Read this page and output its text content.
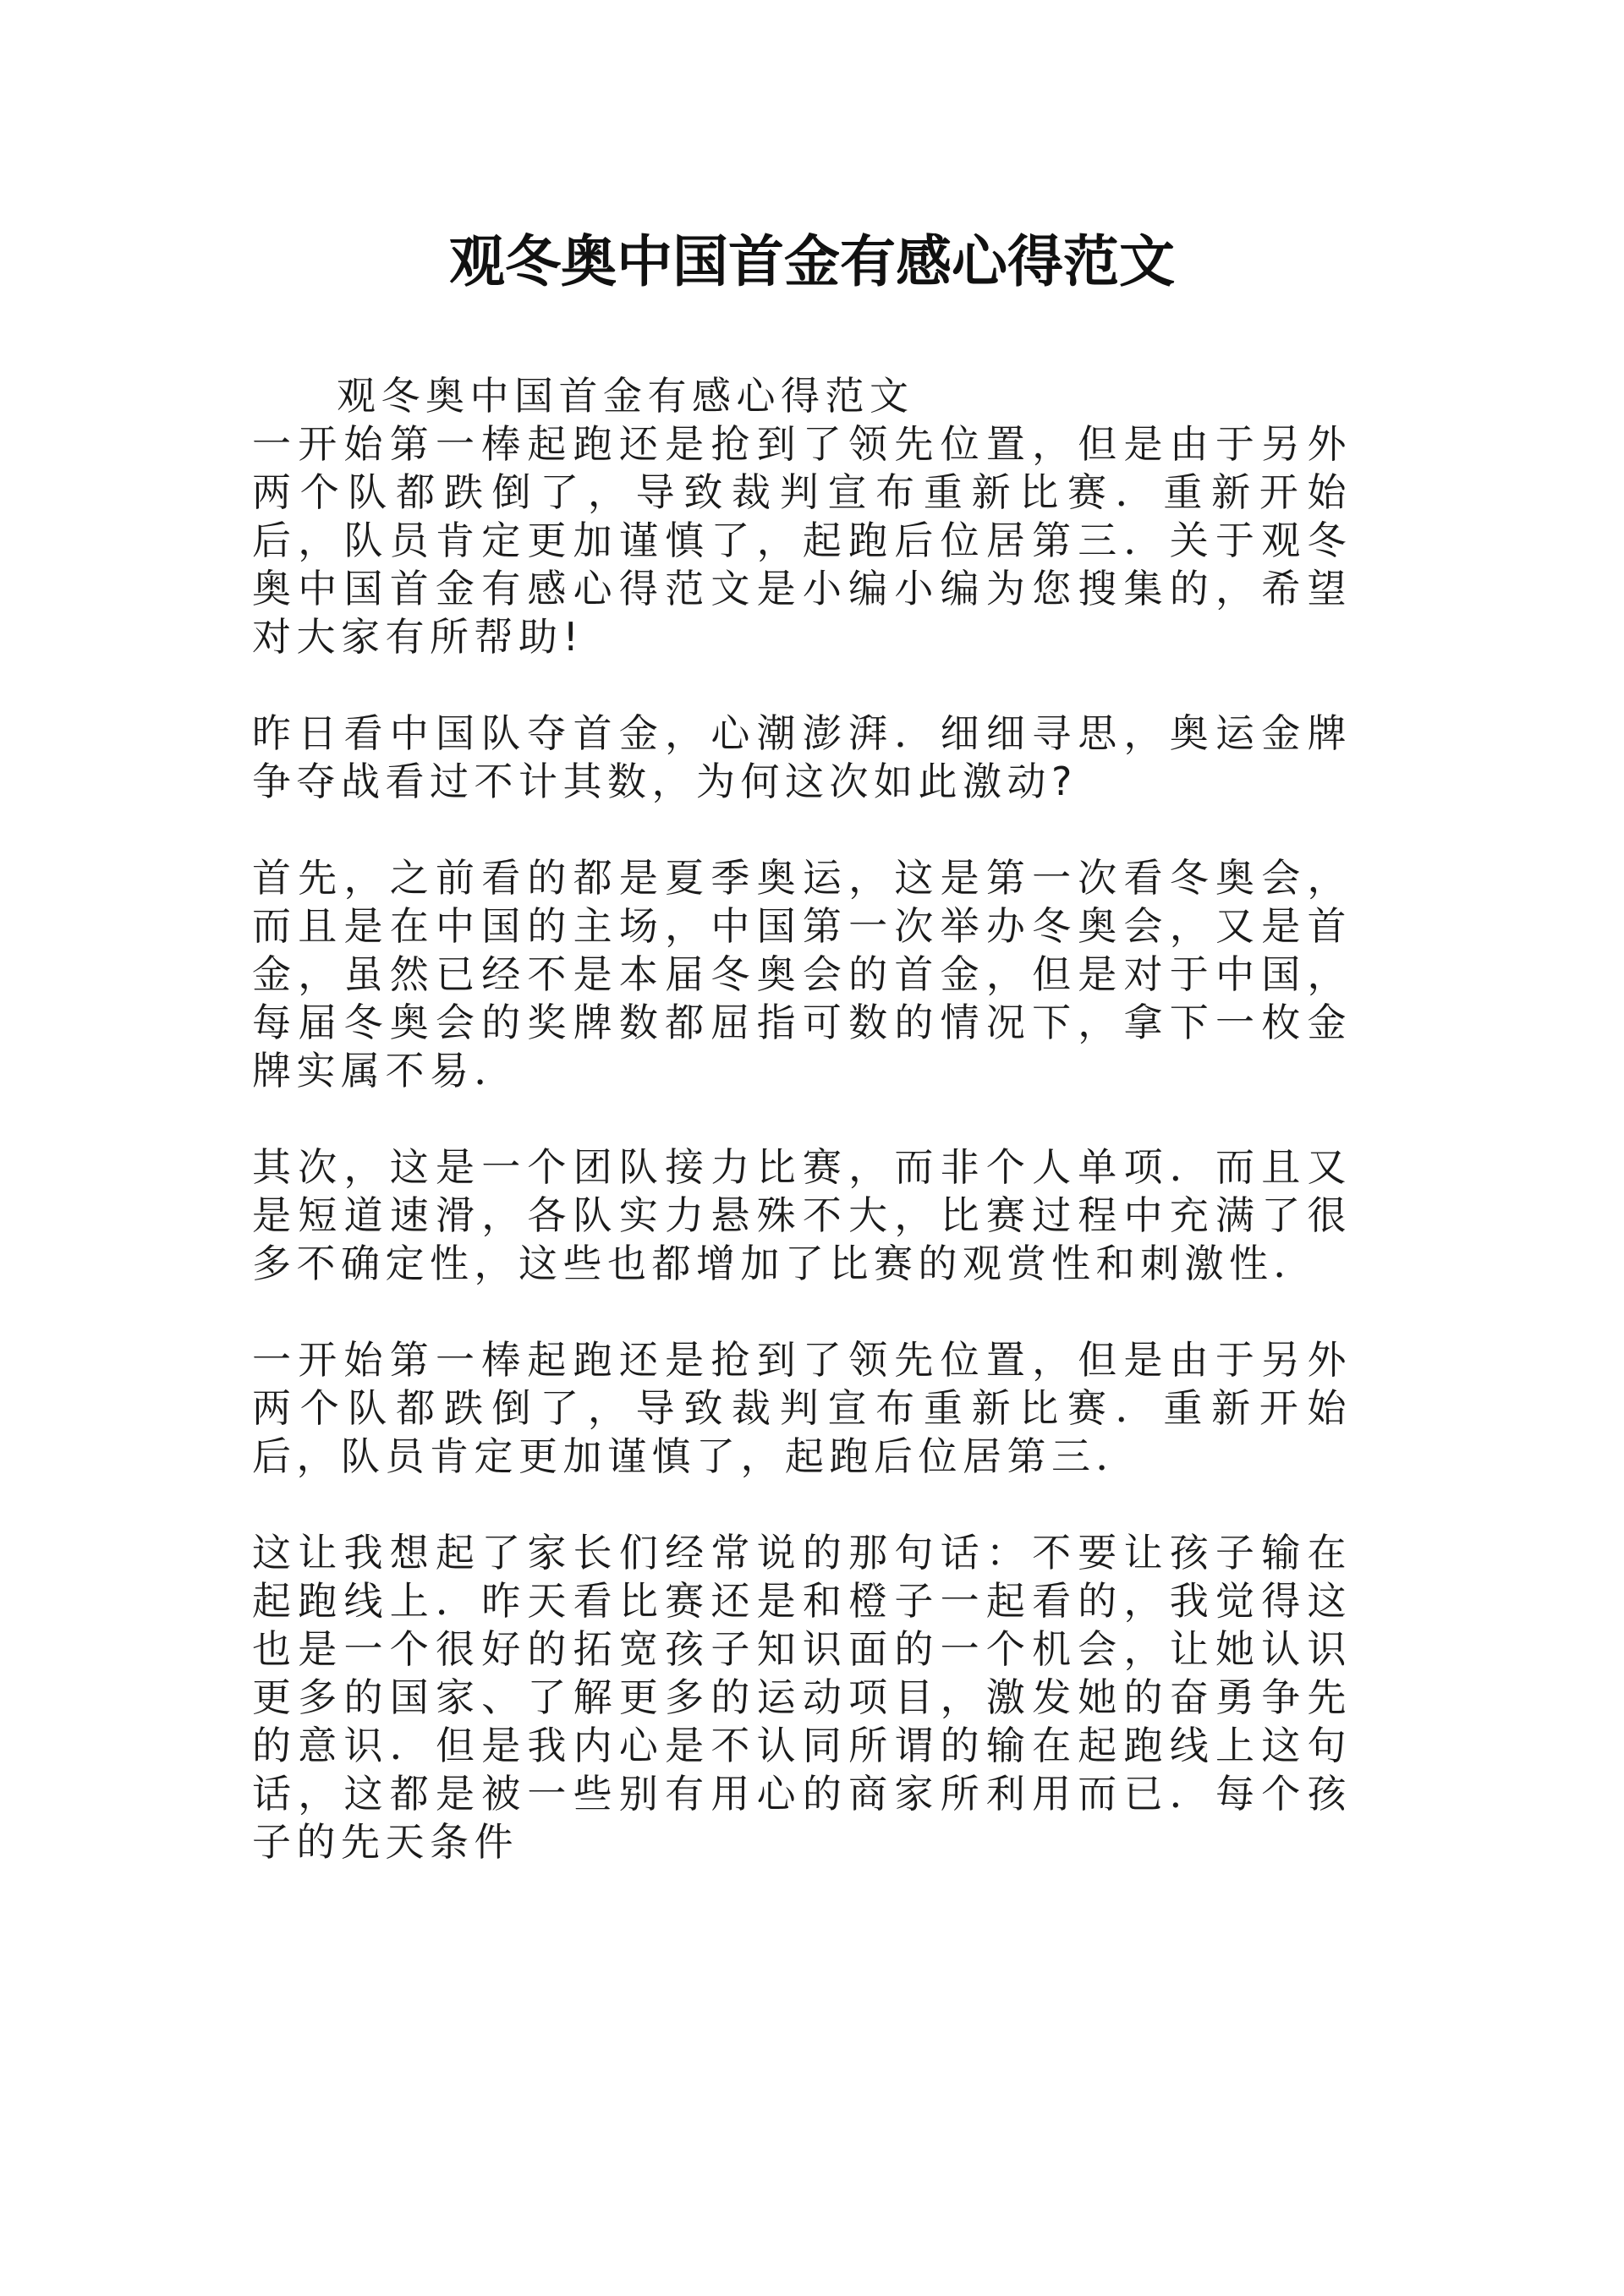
观冬奥中国首金有感心得范文
观冬奥中国首金有感心得范文

一开始第一棒起跑还是抢到了领先位置，但是由于另外两个队都跌倒了，导致裁判宣布重新比赛．重新开始后，队员肯定更加谨慎了，起跑后位居第三．关于观冬奥中国首金有感心得范文是小编小编为您搜集的，希望对大家有所帮助!

昨日看中国队夺首金，心潮澎湃．细细寻思，奥运金牌争夺战看过不计其数，为何这次如此激动?

首先，之前看的都是夏季奥运，这是第一次看冬奥会，而且是在中国的主场，中国第一次举办冬奥会，又是首金，虽然已经不是本届冬奥会的首金，但是对于中国，每届冬奥会的奖牌数都屈指可数的情况下，拿下一枚金牌实属不易．

其次，这是一个团队接力比赛，而非个人单项．而且又是短道速滑，各队实力悬殊不大，比赛过程中充满了很多不确定性，这些也都增加了比赛的观赏性和刺激性．

一开始第一棒起跑还是抢到了领先位置，但是由于另外两个队都跌倒了，导致裁判宣布重新比赛．重新开始后，队员肯定更加谨慎了，起跑后位居第三．

这让我想起了家长们经常说的那句话：不要让孩子输在起跑线上．昨天看比赛还是和橙子一起看的，我觉得这也是一个很好的拓宽孩子知识面的一个机会，让她认识更多的国家、了解更多的运动项目，激发她的奋勇争先的意识．但是我内心是不认同所谓的输在起跑线上这句话，这都是被一些别有用心的商家所利用而已．每个孩子的先天条件
